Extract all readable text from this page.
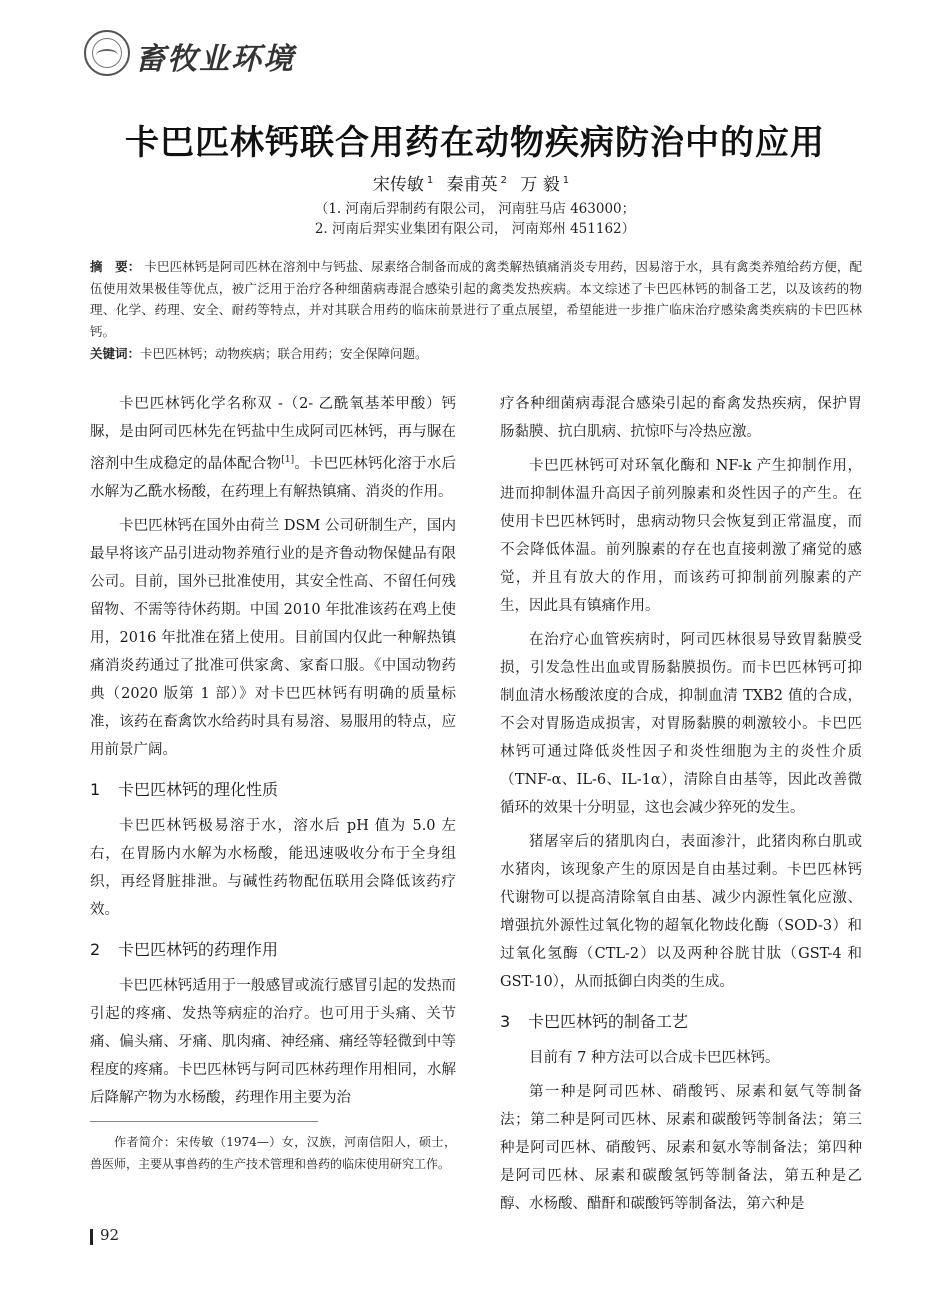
畜牧业环境
卡巴匹林钙联合用药在动物疾病防治中的应用
宋传敏 $^1$ 秦甫英 $^2$ 万 毅 $^1$
（1. 河南后羿制药有限公司， 河南驻马店 463000；
2. 河南后羿实业集团有限公司， 河南郑州 451162）
摘　要： 卡巴匹林钙是阿司匹林在溶剂中与钙盐、尿素络合制备而成的禽类解热镇痛消炎专用药，因易溶于水，具有禽类养殖给药方便，配伍使用效果极佳等优点，被广泛用于治疗各种细菌病毒混合感染引起的禽类发热疾病。本文综述了卡巴匹林钙的制备工艺，以及该药的物理、化学、药理、安全、耐药等特点，并对其联合用药的临床前景进行了重点展望，希望能进一步推广临床治疗感染禽类疾病的卡巴匹林钙。
关键词：卡巴匹林钙；动物疾病；联合用药；安全保障问题。

卡巴匹林钙化学名称双 -（2- 乙酰氧基苯甲酸）钙脲，是由阿司匹林先在钙盐中生成阿司匹林钙，再与脲在溶剂中生成稳定的晶体配合物[1]。卡巴匹林钙化溶于水后水解为乙酰水杨酸，在药理上有解热镇痛、消炎的作用。

卡巴匹林钙在国外由荷兰 DSM 公司研制生产，国内最早将该产品引进动物养殖行业的是齐鲁动物保健品有限公司。目前，国外已批准使用，其安全性高、不留任何残留物、不需等待休药期。中国 2010 年批准该药在鸡上使用，2016 年批准在猪上使用。目前国内仅此一种解热镇痛消炎药通过了批准可供家禽、家畜口服。《中国动物药典（2020 版第 1 部）》对卡巴匹林钙有明确的质量标准，该药在畜禽饮水给药时具有易溶、易服用的特点，应用前景广阔。

1 卡巴匹林钙的理化性质

卡巴匹林钙极易溶于水，溶水后 pH 值为 5.0 左右，在胃肠内水解为水杨酸，能迅速吸收分布于全身组织，再经肾脏排泄。与碱性药物配伍联用会降低该药疗效。

2 卡巴匹林钙的药理作用

卡巴匹林钙适用于一般感冒或流行感冒引起的发热而引起的疼痛、发热等病症的治疗。也可用于头痛、关节痛、偏头痛、牙痛、肌肉痛、神经痛、痛经等轻微到中等程度的疼痛。卡巴匹林钙与阿司匹林药理作用相同，水解后降解产物为水杨酸，药理作用主要为治

疗各种细菌病毒混合感染引起的畜禽发热疾病，保护胃肠黏膜、抗白肌病、抗惊吓与冷热应激。

卡巴匹林钙可对环氧化酶和 NF-k 产生抑制作用，进而抑制体温升高因子前列腺素和炎性因子的产生。在使用卡巴匹林钙时，患病动物只会恢复到正常温度，而不会降低体温。前列腺素的存在也直接刺激了痛觉的感觉，并且有放大的作用，而该药可抑制前列腺素的产生，因此具有镇痛作用。

在治疗心血管疾病时，阿司匹林很易导致胃黏膜受损，引发急性出血或胃肠黏膜损伤。而卡巴匹林钙可抑制血清水杨酸浓度的合成，抑制血清 TXB2 值的合成，不会对胃肠造成损害，对胃肠黏膜的刺激较小。卡巴匹林钙可通过降低炎性因子和炎性细胞为主的炎性介质（TNF-α、IL-6、IL-1α），清除自由基等，因此改善微循环的效果十分明显，这也会减少猝死的发生。

猪屠宰后的猪肌肉白，表面渗汁，此猪肉称白肌或水猪肉，该现象产生的原因是自由基过剩。卡巴匹林钙代谢物可以提高清除氧自由基、减少内源性氧化应激、增强抗外源性过氧化物的超氧化物歧化酶（SOD-3）和过氧化氢酶（CTL-2）以及两种谷胱甘肽（GST-4 和 GST-10），从而抵御白肉类的生成。

3 卡巴匹林钙的制备工艺

目前有 7 种方法可以合成卡巴匹林钙。

第一种是阿司匹林、硝酸钙、尿素和氨气等制备法；第二种是阿司匹林、尿素和碳酸钙等制备法；第三种是阿司匹林、硝酸钙、尿素和氨水等制备法；第四种是阿司匹林、尿素和碳酸氢钙等制备法，第五种是乙醇、水杨酸、醋酐和碳酸钙等制备法，第六种是

作者简介：宋传敏（1974—）女，汉族，河南信阳人，硕士，兽医师，主要从事兽药的生产技术管理和兽药的临床使用研究工作。
92
